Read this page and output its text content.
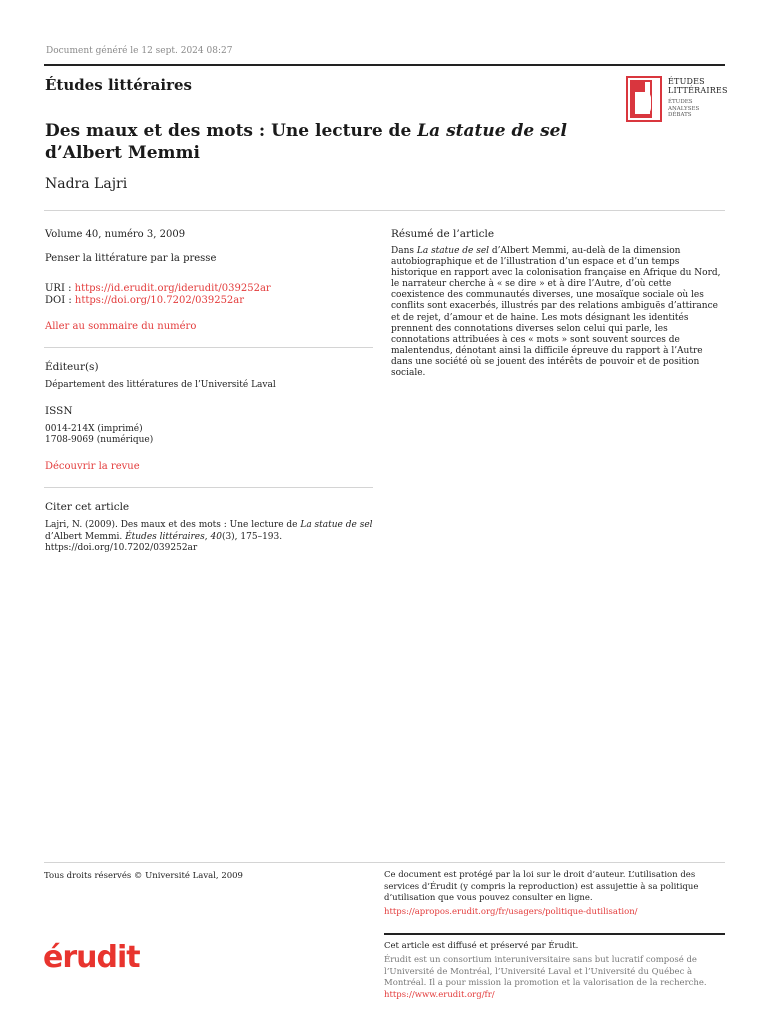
Document généré le 12 sept. 2024 08:27
Études littéraires	ÉTUDES
LITTÉRAIRES
ÉTUDES
ANALYSES
DÉBATS
Des maux et des mots : Une lecture de La statue de sel d’Albert Memmi
Nadra Lajri
Volume 40, numéro 3, 2009
Penser la littérature par la presse
URI : https://id.erudit.org/iderudit/039252ar
DOI : https://doi.org/10.7202/039252ar
Aller au sommaire du numéro
Éditeur(s)
Département des littératures de l’Université Laval
ISSN
0014-214X (imprimé)
1708-9069 (numérique)
Découvrir la revue
Citer cet article
Lajri, N. (2009). Des maux et des mots : Une lecture de La statue de sel d’Albert Memmi. Études littéraires, 40(3), 175–193. https://doi.org/10.7202/039252ar
Résumé de l’article
Dans La statue de sel d’Albert Memmi, au-delà de la dimension autobiographique et de l’illustration d’un espace et d’un temps historique en rapport avec la colonisation française en Afrique du Nord, le narrateur cherche à « se dire » et à dire l’Autre, d’où cette coexistence des communautés diverses, une mosaïque sociale où les conflits sont exacerbés, illustrés par des relations ambiguës d’attirance et de rejet, d’amour et de haine. Les mots désignant les identités prennent des connotations diverses selon celui qui parle, les connotations attribuées à ces « mots » sont souvent sources de malentendus, dénotant ainsi la difficile épreuve du rapport à l’Autre dans une société où se jouent des intérêts de pouvoir et de position sociale.
Tous droits réservés © Université Laval, 2009	Ce document est protégé par la loi sur le droit d’auteur. L’utilisation des services d’Érudit (y compris la reproduction) est assujettie à sa politique d’utilisation que vous pouvez consulter en ligne.
https://apropos.erudit.org/fr/usagers/politique-dutilisation/
érudit	Cet article est diffusé et préservé par Érudit.
Érudit est un consortium interuniversitaire sans but lucratif composé de l’Université de Montréal, l’Université Laval et l’Université du Québec à Montréal. Il a pour mission la promotion et la valorisation de la recherche.
https://www.erudit.org/fr/
